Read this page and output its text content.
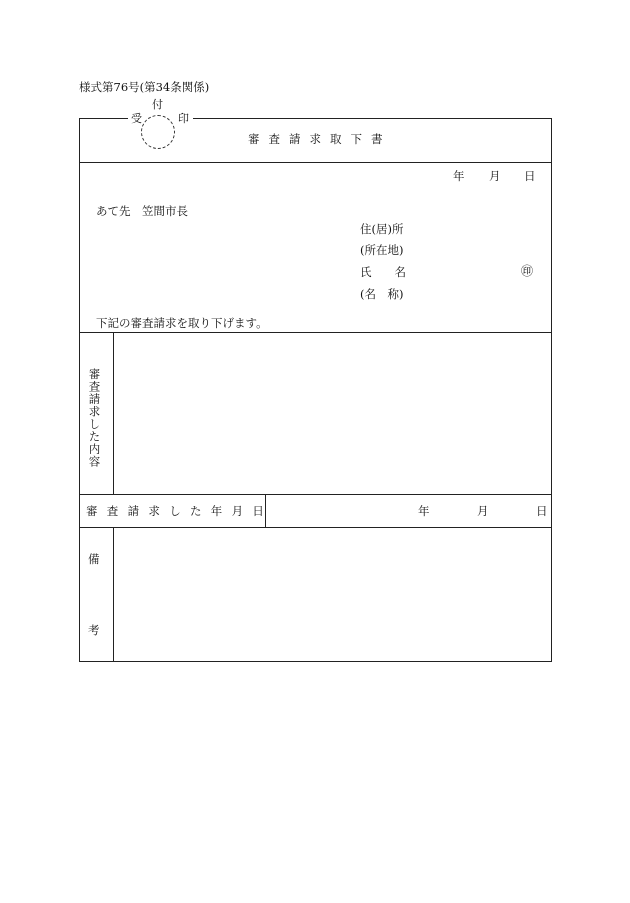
様式第76号(第34条関係)
付
受	印
審査請求取下書
年 月 日
あて先　笠間市長
住(居)所
(所在地)
氏　　名
(名　称)
㊞
下記の審査請求を取り下げます。
審査請求した内容
審査請求した年月日	年	月	日
備
考
